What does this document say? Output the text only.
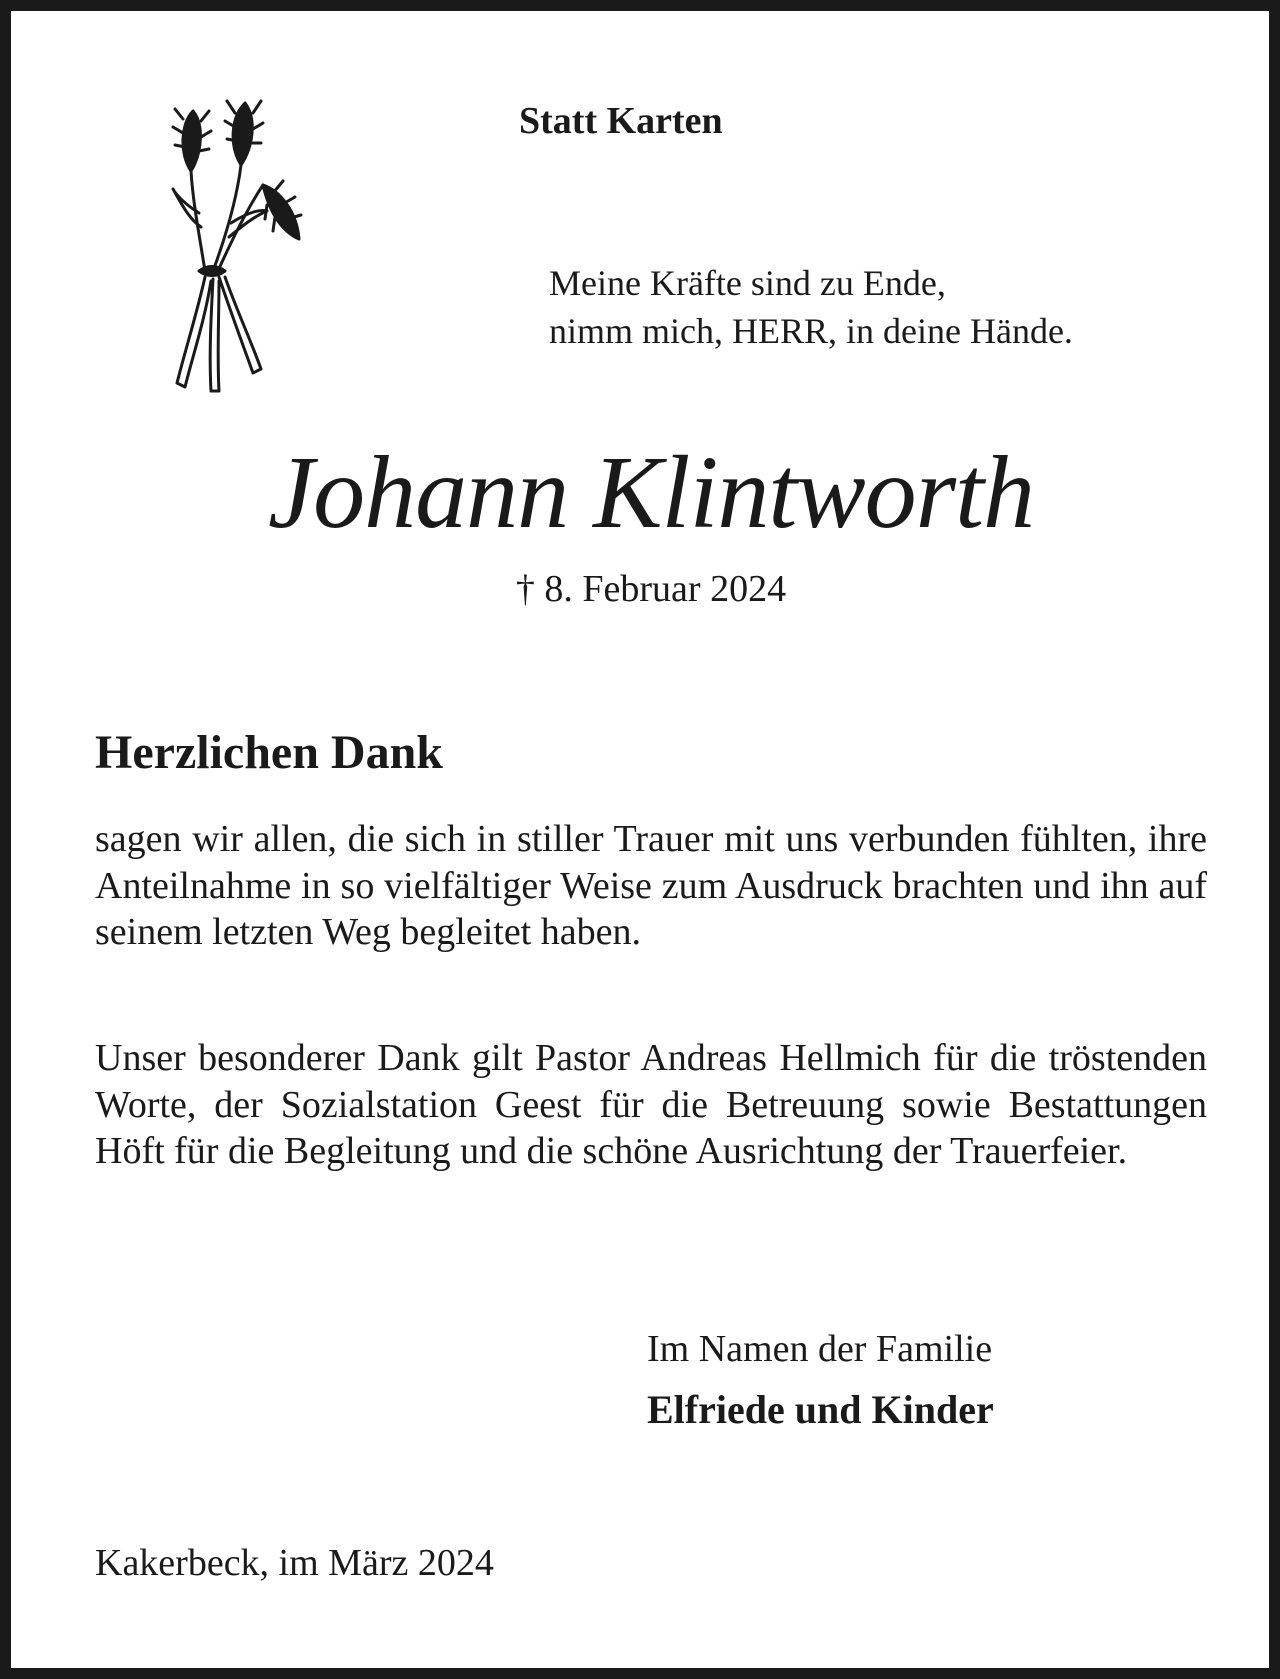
Statt Karten
Meine Kräfte sind zu Ende,
nimm mich, HERR, in deine Hände.
Johann Klintworth
† 8. Februar 2024
Herzlichen Dank

sagen wir allen, die sich in stiller Trauer mit uns verbunden fühlten, ihre Anteilnahme in so vielfältiger Weise zum Ausdruck brachten und ihn auf seinem letzten Weg begleitet haben.

Unser besonderer Dank gilt Pastor Andreas Hellmich für die tröstenden Worte, der Sozialstation Geest für die Betreuung sowie Bestattungen Höft für die Begleitung und die schöne Ausrichtung der Trauerfeier.

Im Namen der Familie
Elfriede und Kinder
Kakerbeck, im März 2024
